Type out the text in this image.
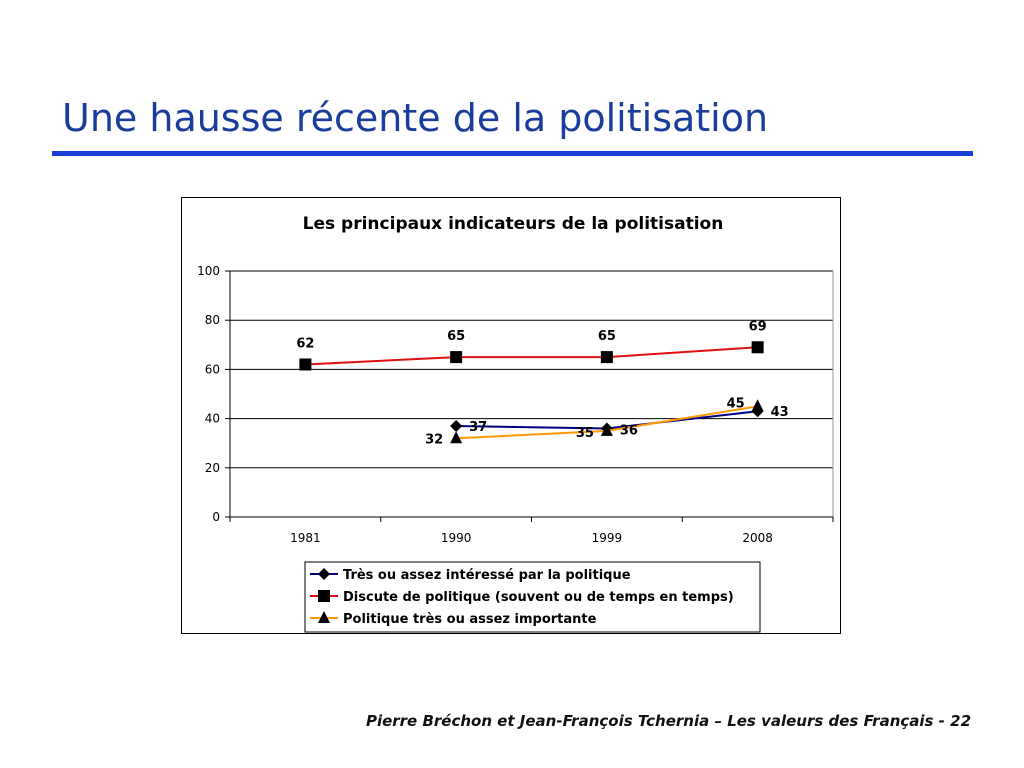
Une hausse récente de la politisation
Les principaux indicateurs de la politisation
0
20
40
60
80
100
1981	1990	1999	2008
37	36
43
62	65	65
69
32	35
45
Très ou assez intéressé par la politique
Discute de politique (souvent ou de temps en temps)
Politique très ou assez importante
Pierre Bréchon et Jean-François Tchernia – Les valeurs des Français - 22
